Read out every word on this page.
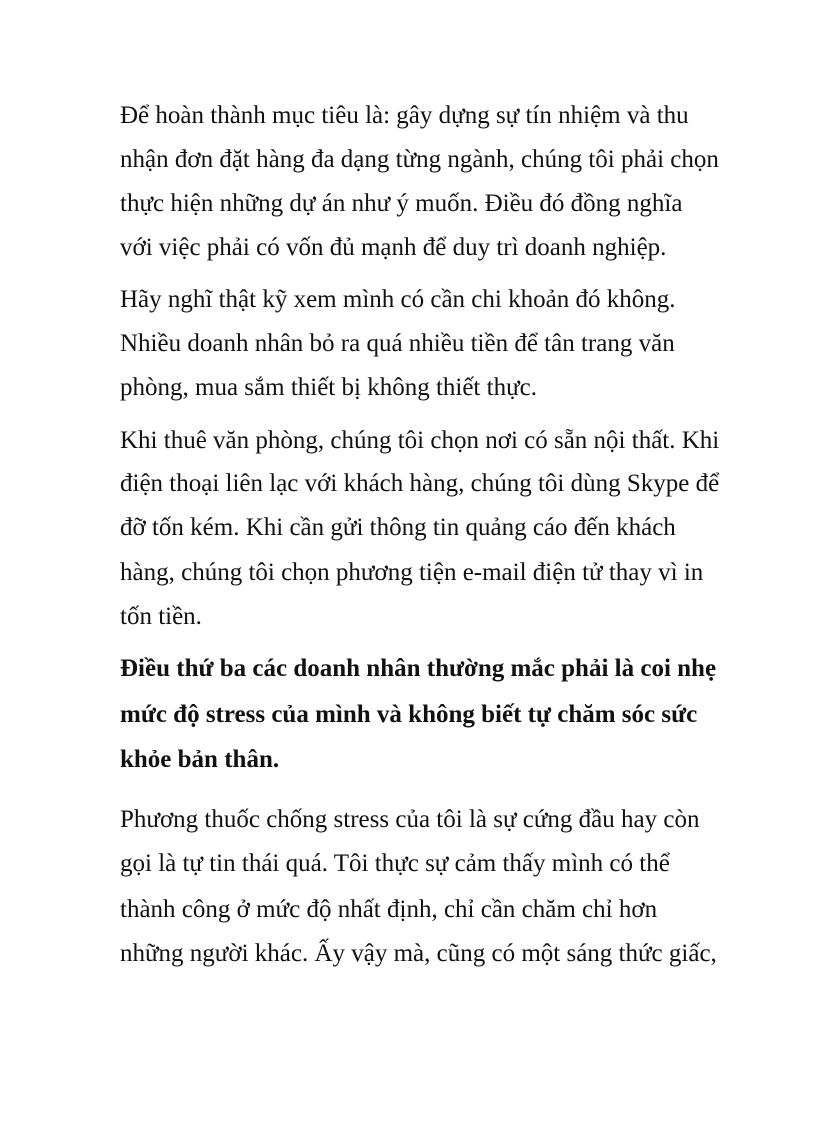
Để hoàn thành mục tiêu là: gây dựng sự tín nhiệm và thu
nhận đơn đặt hàng đa dạng từng ngành, chúng tôi phải chọn
thực hiện những dự án như ý muốn. Điều đó đồng nghĩa
với việc phải có vốn đủ mạnh để duy trì doanh nghiệp.
Hãy nghĩ thật kỹ xem mình có cần chi khoản đó không.
Nhiều doanh nhân bỏ ra quá nhiều tiền để tân trang văn
phòng, mua sắm thiết bị không thiết thực.
Khi thuê văn phòng, chúng tôi chọn nơi có sẵn nội thất. Khi
điện thoại liên lạc với khách hàng, chúng tôi dùng Skype để
đỡ tốn kém. Khi cần gửi thông tin quảng cáo đến khách
hàng, chúng tôi chọn phương tiện e-mail điện tử thay vì in
tốn tiền.
Điều thứ ba các doanh nhân thường mắc phải là coi nhẹ
mức độ stress của mình và không biết tự chăm sóc sức
khỏe bản thân.
Phương thuốc chống stress của tôi là sự cứng đầu hay còn
gọi là tự tin thái quá. Tôi thực sự cảm thấy mình có thể
thành công ở mức độ nhất định, chỉ cần chăm chỉ hơn
những người khác. Ấy vậy mà, cũng có một sáng thức giấc,
